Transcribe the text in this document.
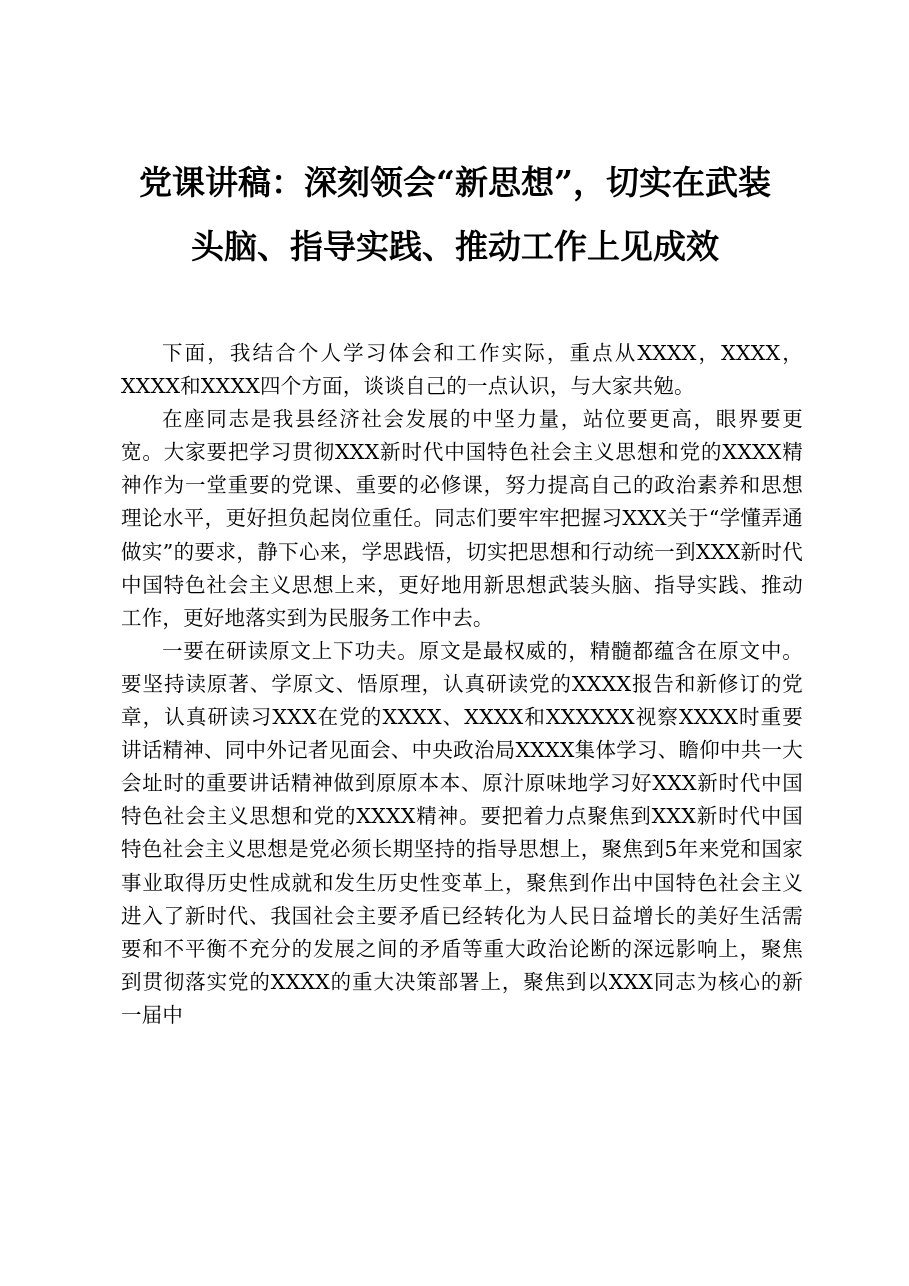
党课讲稿：深刻领会“新思想”，切实在武装
头脑、指导实践、推动工作上见成效

下面，我结合个人学习体会和工作实际，重点从XXXX，XXXX，XXXX和XXXX四个方面，谈谈自己的一点认识，与大家共勉。

在座同志是我县经济社会发展的中坚力量，站位要更高，眼界要更宽。大家要把学习贯彻XXX新时代中国特色社会主义思想和党的XXXX精神作为一堂重要的党课、重要的必修课，努力提高自己的政治素养和思想理论水平，更好担负起岗位重任。同志们要牢牢把握习XXX关于“学懂弄通做实”的要求，静下心来，学思践悟，切实把思想和行动统一到XXX新时代中国特色社会主义思想上来，更好地用新思想武装头脑、指导实践、推动工作，更好地落实到为民服务工作中去。

一要在研读原文上下功夫。原文是最权威的，精髓都蕴含在原文中。要坚持读原著、学原文、悟原理，认真研读党的XXXX报告和新修订的党章，认真研读习XXX在党的XXXX、XXXX和XXXXXX视察XXXX时重要讲话精神、同中外记者见面会、中央政治局XXXX集体学习、瞻仰中共一大会址时的重要讲话精神做到原原本本、原汁原味地学习好XXX新时代中国特色社会主义思想和党的XXXX精神。要把着力点聚焦到XXX新时代中国特色社会主义思想是党必须长期坚持的指导思想上，聚焦到5年来党和国家事业取得历史性成就和发生历史性变革上，聚焦到作出中国特色社会主义进入了新时代、我国社会主要矛盾已经转化为人民日益增长的美好生活需要和不平衡不充分的发展之间的矛盾等重大政治论断的深远影响上，聚焦到贯彻落实党的XXXX的重大决策部署上，聚焦到以XXX同志为核心的新一届中
